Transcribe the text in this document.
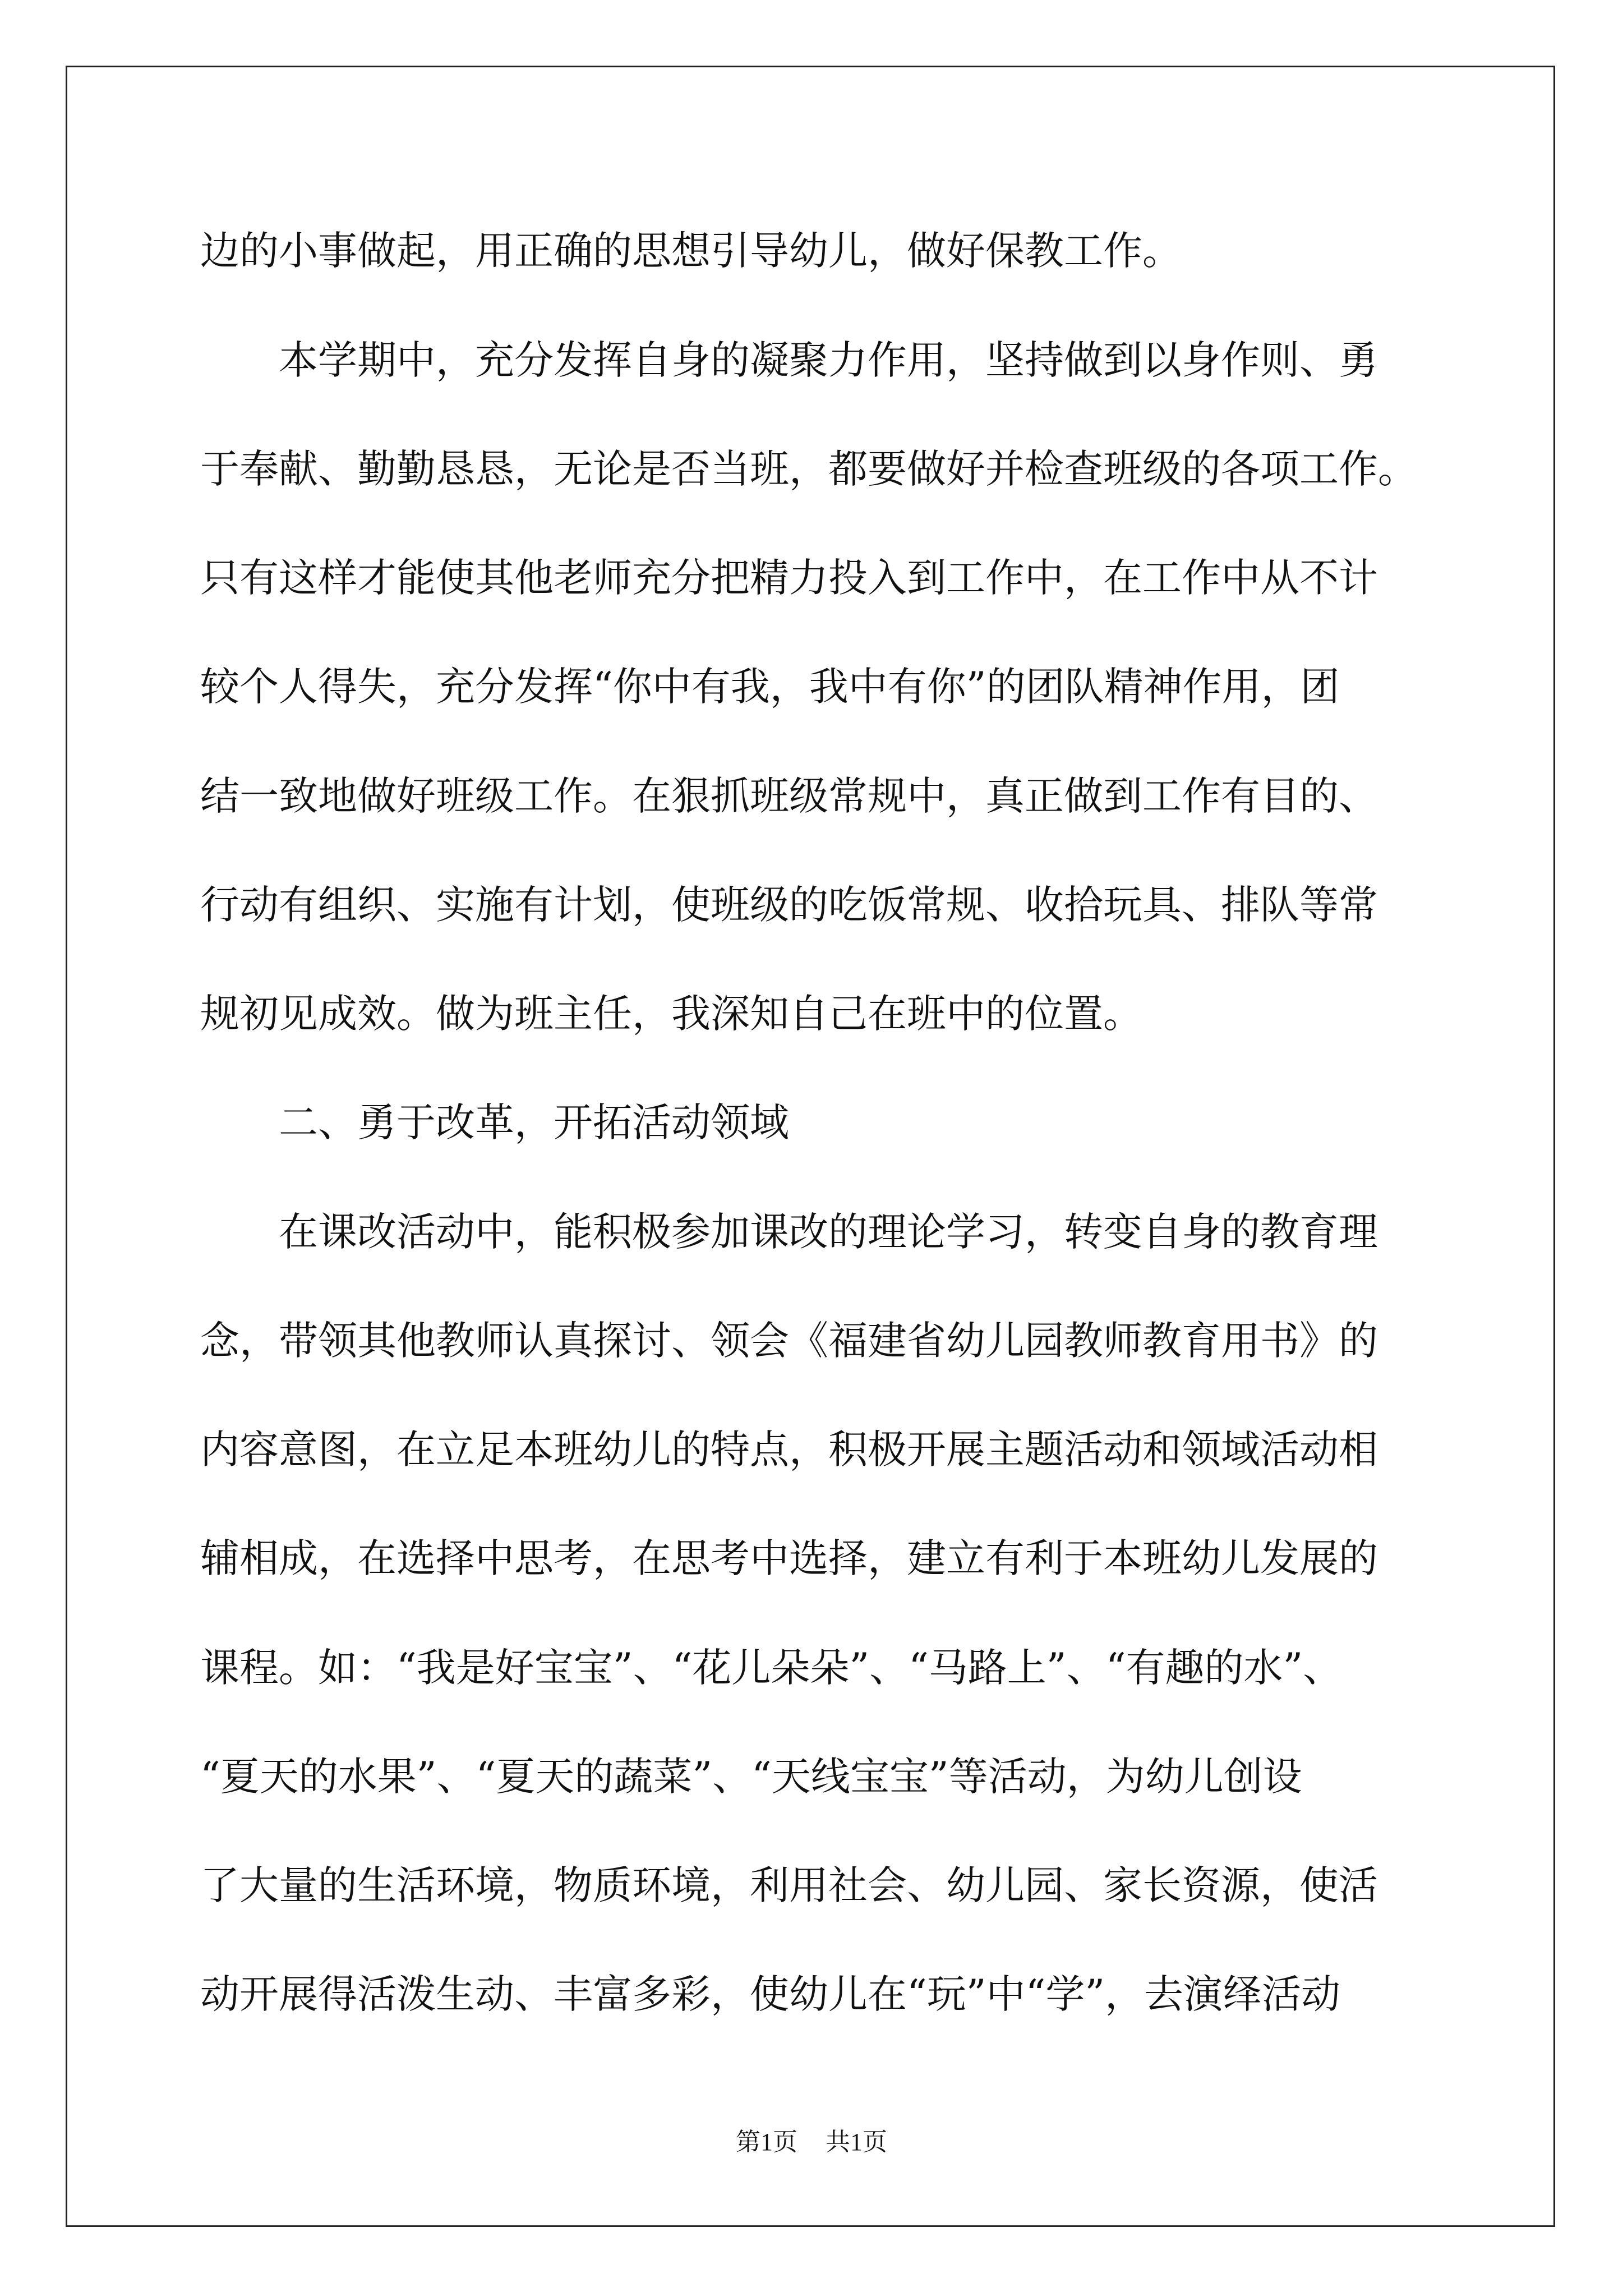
边的小事做起，用正确的思想引导幼儿，做好保教工作。

　　本学期中，充分发挥自身的凝聚力作用，坚持做到以身作则、勇

于奉献、勤勤恳恳，无论是否当班，都要做好并检查班级的各项工作。

只有这样才能使其他老师充分把精力投入到工作中，在工作中从不计

较个人得失，充分发挥“你中有我，我中有你”的团队精神作用，团

结一致地做好班级工作。在狠抓班级常规中，真正做到工作有目的、

行动有组织、实施有计划，使班级的吃饭常规、收拾玩具、排队等常

规初见成效。做为班主任，我深知自己在班中的位置。

　　二、勇于改革，开拓活动领域

　　在课改活动中，能积极参加课改的理论学习，转变自身的教育理

念，带领其他教师认真探讨、领会《福建省幼儿园教师教育用书》的

内容意图，在立足本班幼儿的特点，积极开展主题活动和领域活动相

辅相成，在选择中思考，在思考中选择，建立有利于本班幼儿发展的

课程。如：“我是好宝宝”、“花儿朵朵”、“马路上”、“有趣的水”、

“夏天的水果”、“夏天的蔬菜”、“天线宝宝”等活动，为幼儿创设

了大量的生活环境，物质环境，利用社会、幼儿园、家长资源，使活

动开展得活泼生动、丰富多彩，使幼儿在“玩”中“学”，去演绎活动

第1页 共1页
